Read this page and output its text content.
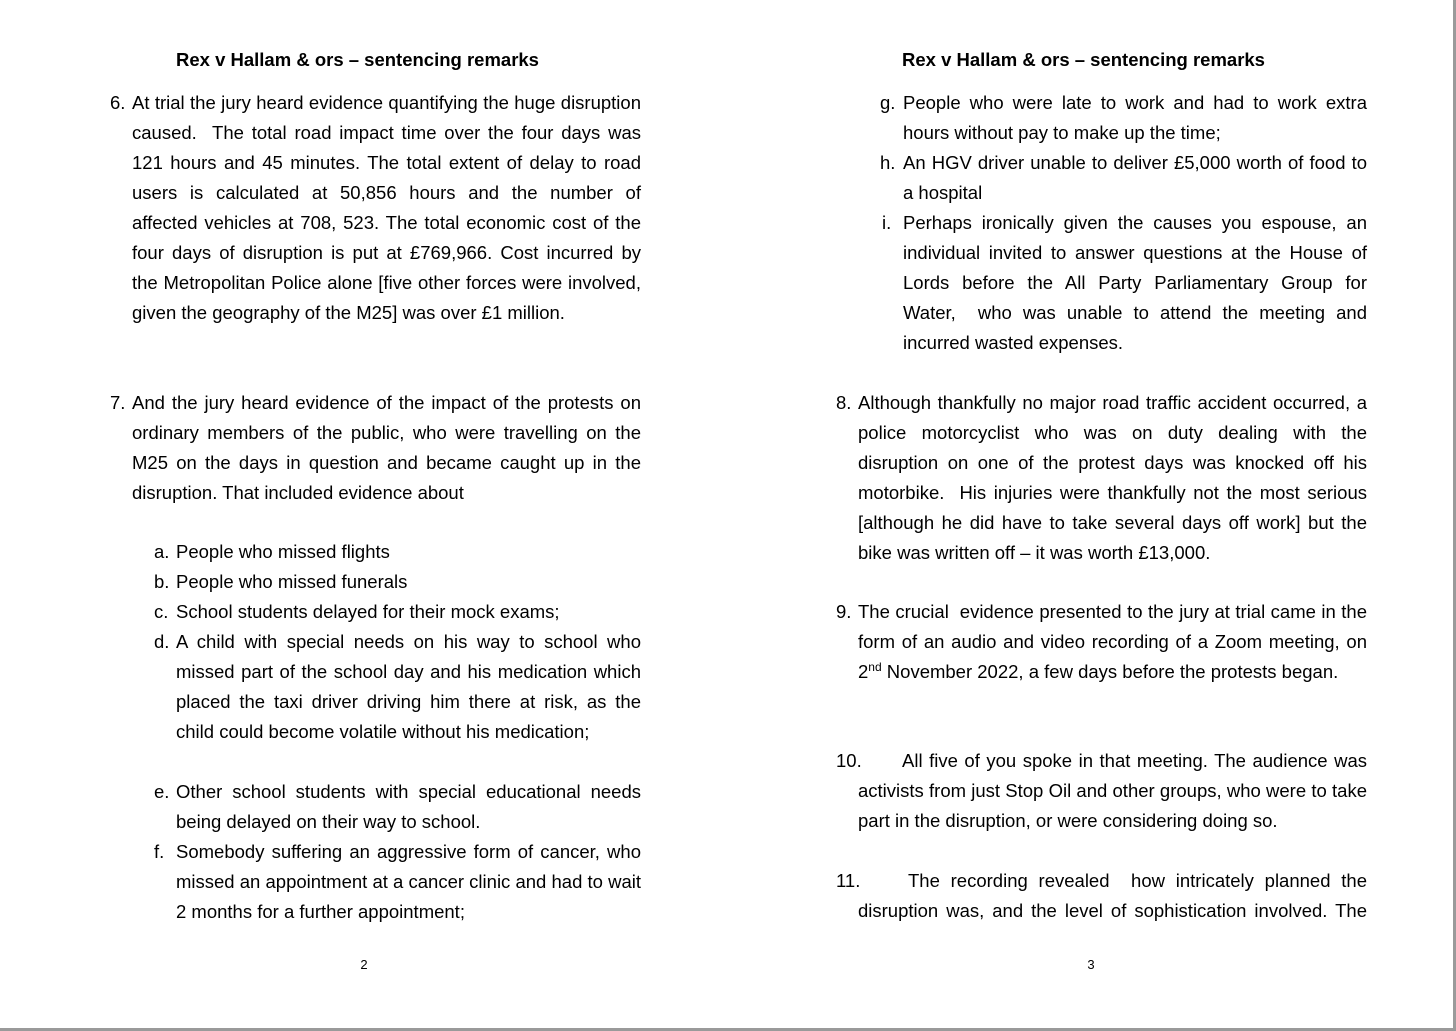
Rex v Hallam & ors – sentencing remarks
6. At trial the jury heard evidence quantifying the huge disruption caused.  The total road impact time over the four days was 121 hours and 45 minutes. The total extent of delay to road users is calculated at 50,856 hours and the number of affected vehicles at 708, 523. The total economic cost of the four days of disruption is put at £769,966. Cost incurred by the Metropolitan Police alone [five other forces were involved, given the geography of the M25] was over £1 million.
7. And the jury heard evidence of the impact of the protests on ordinary members of the public, who were travelling on the M25 on the days in question and became caught up in the disruption. That included evidence about
a. People who missed flights
b. People who missed funerals
c. School students delayed for their mock exams;
d. A child with special needs on his way to school who missed part of the school day and his medication which placed the taxi driver driving him there at risk, as the child could become volatile without his medication;
e. Other school students with special educational needs being delayed on their way to school.
f. Somebody suffering an aggressive form of cancer, who missed an appointment at a cancer clinic and had to wait 2 months for a further appointment;
2
Rex v Hallam & ors – sentencing remarks
g. People who were late to work and had to work extra hours without pay to make up the time;
h. An HGV driver unable to deliver £5,000 worth of food to a hospital
i. Perhaps ironically given the causes you espouse, an individual invited to answer questions at the House of Lords before the All Party Parliamentary Group for Water,  who was unable to attend the meeting and incurred wasted expenses.
8. Although thankfully no major road traffic accident occurred, a police motorcyclist who was on duty dealing with the disruption on one of the protest days was knocked off his motorbike.  His injuries were thankfully not the most serious [although he did have to take several days off work] but the bike was written off – it was worth £13,000.
9. The crucial  evidence presented to the jury at trial came in the form of an audio and video recording of a Zoom meeting, on 2nd November 2022, a few days before the protests began.
10.	All five of you spoke in that meeting. The audience was activists from just Stop Oil and other groups, who were to take part in the disruption, or were considering doing so.
11.	The recording revealed  how intricately planned the disruption was, and the level of sophistication involved. The
3
